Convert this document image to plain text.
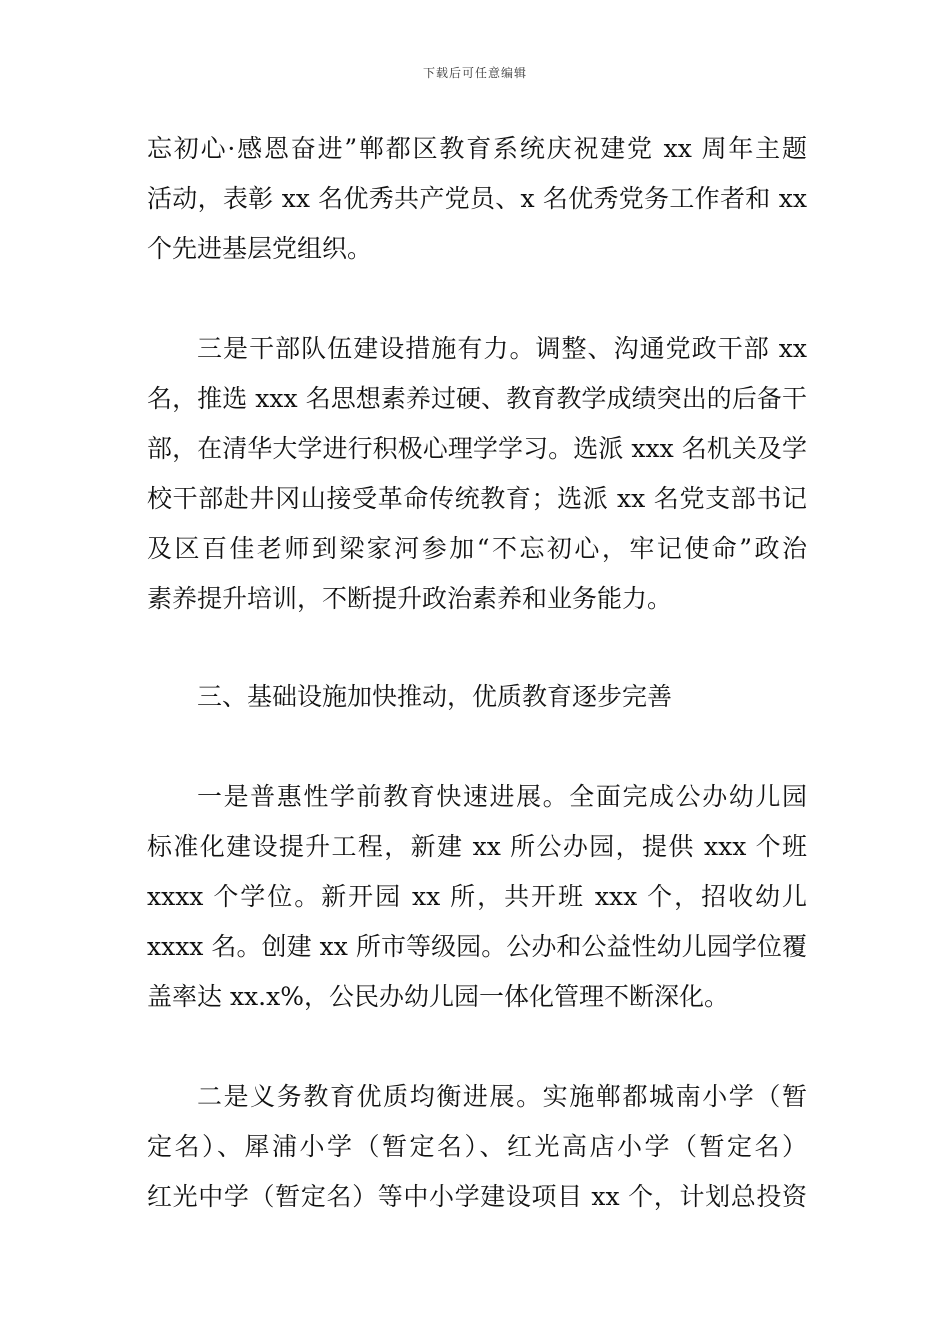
下载后可任意编辑
忘初心·感恩奋进”郸都区教育系统庆祝建党 xx 周年主题
活动，表彰 xx 名优秀共产党员、x 名优秀党务工作者和 xx
个先进基层党组织。
三是干部队伍建设措施有力。调整、沟通党政干部 xx
名，推选 xxx 名思想素养过硬、教育教学成绩突出的后备干
部，在清华大学进行积极心理学学习。选派 xxx 名机关及学
校干部赴井冈山接受革命传统教育；选派 xx 名党支部书记
及区百佳老师到梁家河参加“不忘初心，牢记使命”政治
素养提升培训，不断提升政治素养和业务能力。
三、基础设施加快推动，优质教育逐步完善
一是普惠性学前教育快速进展。全面完成公办幼儿园
标准化建设提升工程，新建 xx 所公办园，提供 xxx 个班
xxxx 个学位。新开园 xx 所，共开班 xxx 个，招收幼儿
xxxx 名。创建 xx 所市等级园。公办和公益性幼儿园学位覆
盖率达 xx.x%，公民办幼儿园一体化管理不断深化。
二是义务教育优质均衡进展。实施郸都城南小学（暂
定名）、犀浦小学（暂定名）、红光高店小学（暂定名）
红光中学（暂定名）等中小学建设项目 xx 个，计划总投资
